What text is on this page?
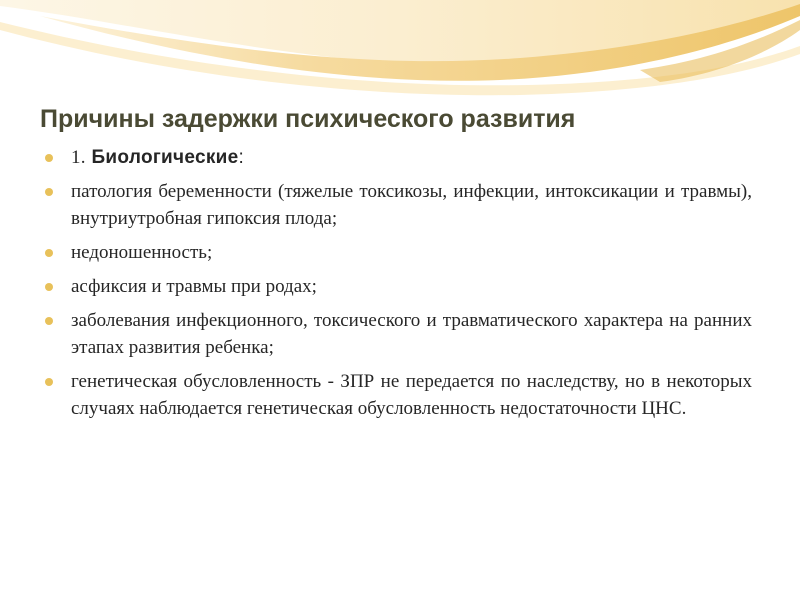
Причины задержки психического развития
1. Биологические:
патология беременности (тяжелые токсикозы, инфекции, интоксикации и травмы), внутриутробная гипоксия плода;
недоношенность;
асфиксия и травмы при родах;
заболевания инфекционного, токсического и травматического характера на ранних этапах развития ребенка;
генетическая обусловленность - ЗПР не передается по наследству, но в некоторых случаях наблюдается генетическая обусловленность недостаточности ЦНС.
